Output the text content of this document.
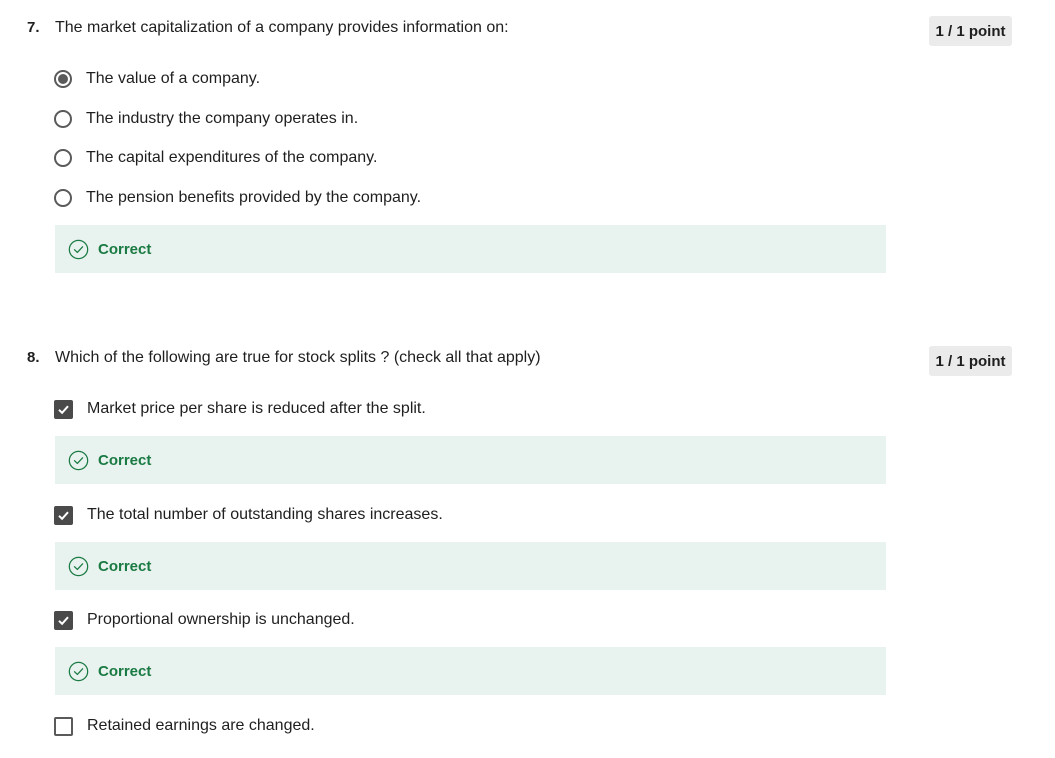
7. The market capitalization of a company provides information on:	1 / 1 point
The value of a company.
The industry the company operates in.
The capital expenditures of the company.
The pension benefits provided by the company.
Correct
8. Which of the following are true for stock splits ? (check all that apply)	1 / 1 point
Market price per share is reduced after the split.
Correct
The total number of outstanding shares increases.
Correct
Proportional ownership is unchanged.
Correct
Retained earnings are changed.
